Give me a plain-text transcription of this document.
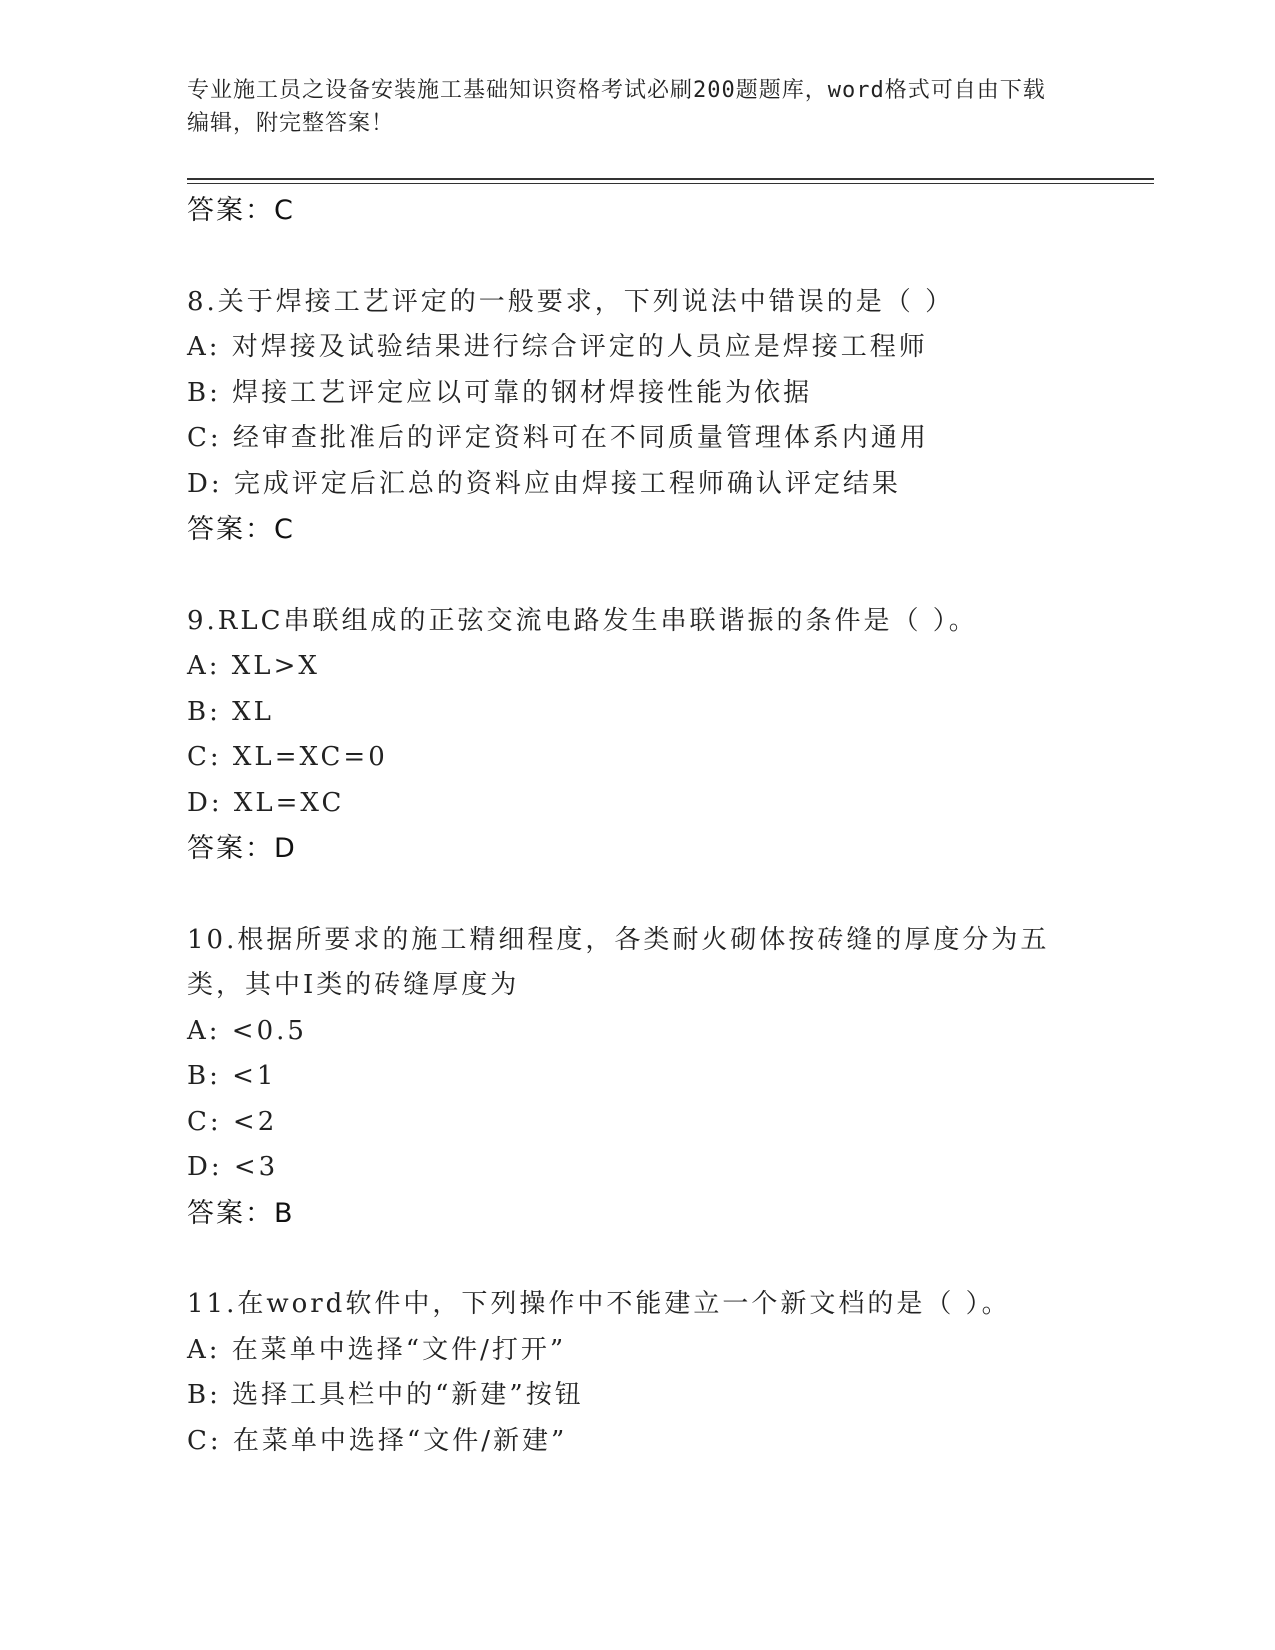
专业施工员之设备安装施工基础知识资格考试必刷200题题库，word格式可自由下载编辑，附完整答案！
答案：C
8.关于焊接工艺评定的一般要求，下列说法中错误的是（ ）
A: 对焊接及试验结果进行综合评定的人员应是焊接工程师
B: 焊接工艺评定应以可靠的钢材焊接性能为依据
C: 经审查批准后的评定资料可在不同质量管理体系内通用
D: 完成评定后汇总的资料应由焊接工程师确认评定结果
答案：C
9.RLC串联组成的正弦交流电路发生串联谐振的条件是（ ）。
A: XL>X
B: XL
C: XL=XC=0
D: XL=XC
答案：D
10.根据所要求的施工精细程度，各类耐火砌体按砖缝的厚度分为五类，其中Ⅰ类的砖缝厚度为
A: <0.5
B: <1
C: <2
D: <3
答案：B
11.在word软件中，下列操作中不能建立一个新文档的是（ ）。
A: 在菜单中选择“文件/打开”
B: 选择工具栏中的“新建”按钮
C: 在菜单中选择“文件/新建”
